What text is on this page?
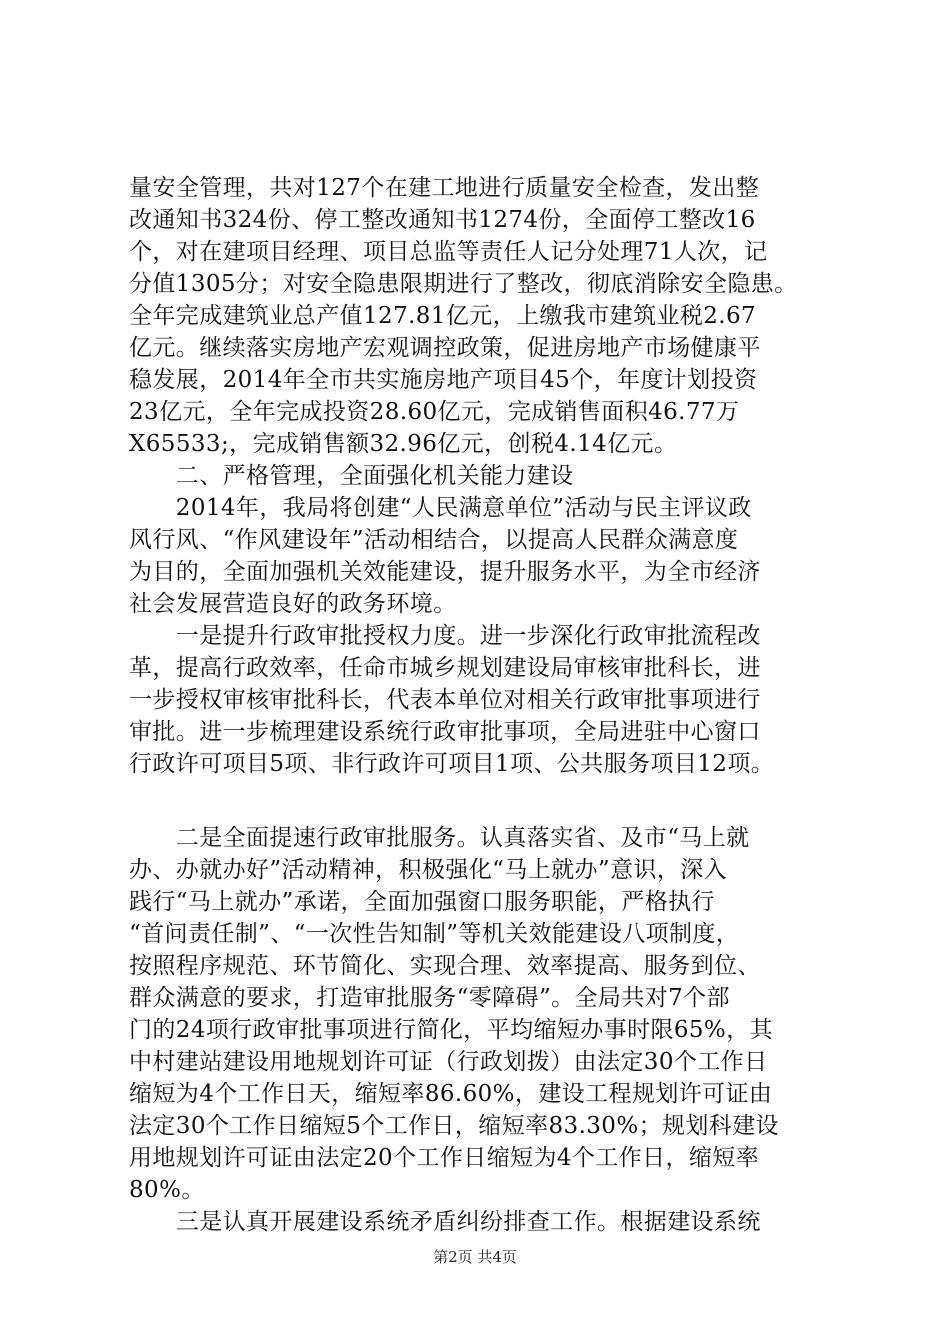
量安全管理，共对127个在建工地进行质量安全检查，发出整
改通知书324份、停工整改通知书1274份，全面停工整改16
个，对在建项目经理、项目总监等责任人记分处理71人次，记
分值1305分；对安全隐患限期进行了整改，彻底消除安全隐患。
全年完成建筑业总产值127.81亿元，上缴我市建筑业税2.67
亿元。继续落实房地产宏观调控政策，促进房地产市场健康平
稳发展，2014年全市共实施房地产项目45个，年度计划投资
23亿元，全年完成投资28.60亿元，完成销售面积46.77万
X65533;，完成销售额32.96亿元，创税4.14亿元。
　　二、严格管理，全面强化机关能力建设
　　2014年，我局将创建“人民满意单位”活动与民主评议政
风行风、“作风建设年”活动相结合，以提高人民群众满意度
为目的，全面加强机关效能建设，提升服务水平，为全市经济
社会发展营造良好的政务环境。
　　一是提升行政审批授权力度。进一步深化行政审批流程改
革，提高行政效率，任命市城乡规划建设局审核审批科长，进
一步授权审核审批科长，代表本单位对相关行政审批事项进行
审批。进一步梳理建设系统行政审批事项，全局进驻中心窗口
行政许可项目5项、非行政许可项目1项、公共服务项目12项。
　　二是全面提速行政审批服务。认真落实省、及市“马上就
办、办就办好”活动精神，积极强化“马上就办”意识，深入
践行“马上就办”承诺，全面加强窗口服务职能，严格执行
“首问责任制”、“一次性告知制”等机关效能建设八项制度，
按照程序规范、环节简化、实现合理、效率提高、服务到位、
群众满意的要求，打造审批服务“零障碍”。全局共对7个部
门的24项行政审批事项进行简化，平均缩短办事时限65%，其
中村建站建设用地规划许可证（行政划拨）由法定30个工作日
缩短为4个工作日天，缩短率86.60%，建设工程规划许可证由
法定30个工作日缩短5个工作日，缩短率83.30%；规划科建设
用地规划许可证由法定20个工作日缩短为4个工作日，缩短率
80%。
　　三是认真开展建设系统矛盾纠纷排查工作。根据建设系统
第2页 共4页
